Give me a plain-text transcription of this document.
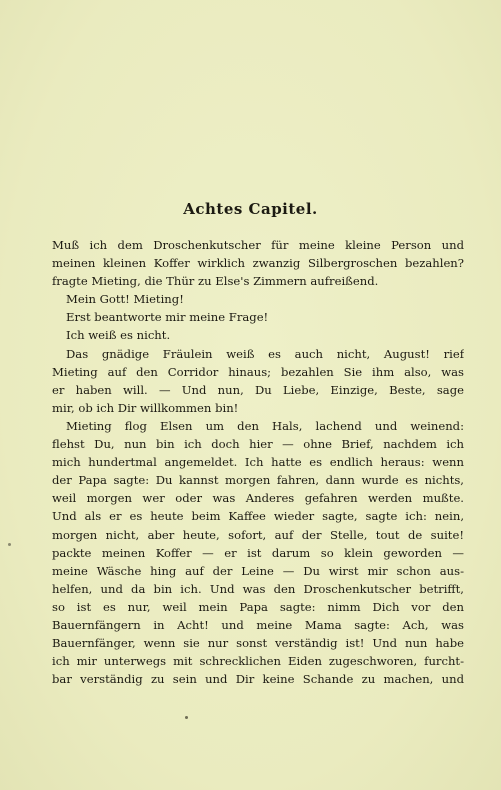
Achtes Capitel.
Muß ich dem Droschenkutscher für meine kleine Person und
meinen kleinen Koffer wirklich zwanzig Silbergroschen bezahlen?
fragte Mieting, die Thür zu Else's Zimmern aufreißend.
Mein Gott! Mieting!
Erst beantworte mir meine Frage!
Ich weiß es nicht.
Das gnädige Fräulein weiß es auch nicht, August! rief
Mieting auf den Corridor hinaus; bezahlen Sie ihm also, was
er haben will. — Und nun, Du Liebe, Einzige, Beste, sage
mir, ob ich Dir willkommen bin!
Mieting flog Elsen um den Hals, lachend und weinend:
flehst Du, nun bin ich doch hier — ohne Brief, nachdem ich
mich hundertmal angemeldet. Ich hatte es endlich heraus: wenn
der Papa sagte: Du kannst morgen fahren, dann wurde es nichts,
weil morgen wer oder was Anderes gefahren werden mußte.
Und als er es heute beim Kaffee wieder sagte, sagte ich: nein,
morgen nicht, aber heute, sofort, auf der Stelle, tout de suite!
packte meinen Koffer — er ist darum so klein geworden —
meine Wäsche hing auf der Leine — Du wirst mir schon aus-
helfen, und da bin ich. Und was den Droschenkutscher betrifft,
so ist es nur, weil mein Papa sagte: nimm Dich vor den
Bauernfängern in Acht! und meine Mama sagte: Ach, was
Bauernfänger, wenn sie nur sonst verständig ist! Und nun habe
ich mir unterwegs mit schrecklichen Eiden zugeschworen, furcht-
bar verständig zu sein und Dir keine Schande zu machen, und
